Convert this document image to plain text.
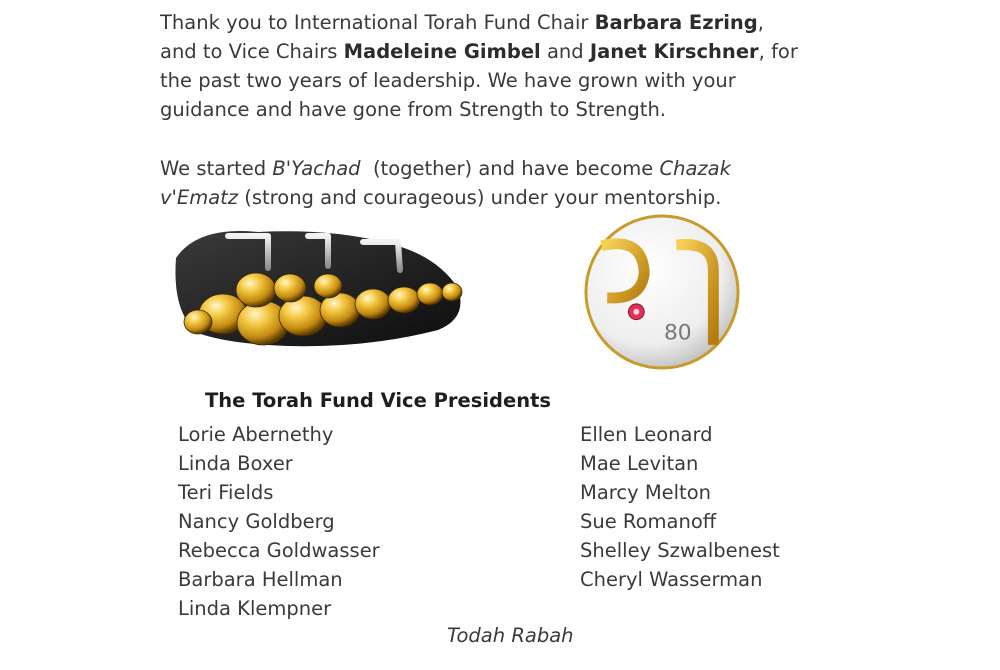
Thank you to International Torah Fund Chair Barbara Ezring,
and to Vice Chairs Madeleine Gimbel and Janet Kirschner, for
the past two years of leadership. We have grown with your
guidance and have gone from Strength to Strength.
We started B'Yachad  (together) and have become Chazak
v'Ematz (strong and courageous) under your mentorship.
80

The Torah Fund Vice Presidents

Lorie Abernethy
Linda Boxer
Teri Fields
Nancy Goldberg
Rebecca Goldwasser
Barbara Hellman
Linda Klempner
Ellen Leonard
Mae Levitan
Marcy Melton
Sue Romanoff
Shelley Szwalbenest
Cheryl Wasserman

Todah Rabah
